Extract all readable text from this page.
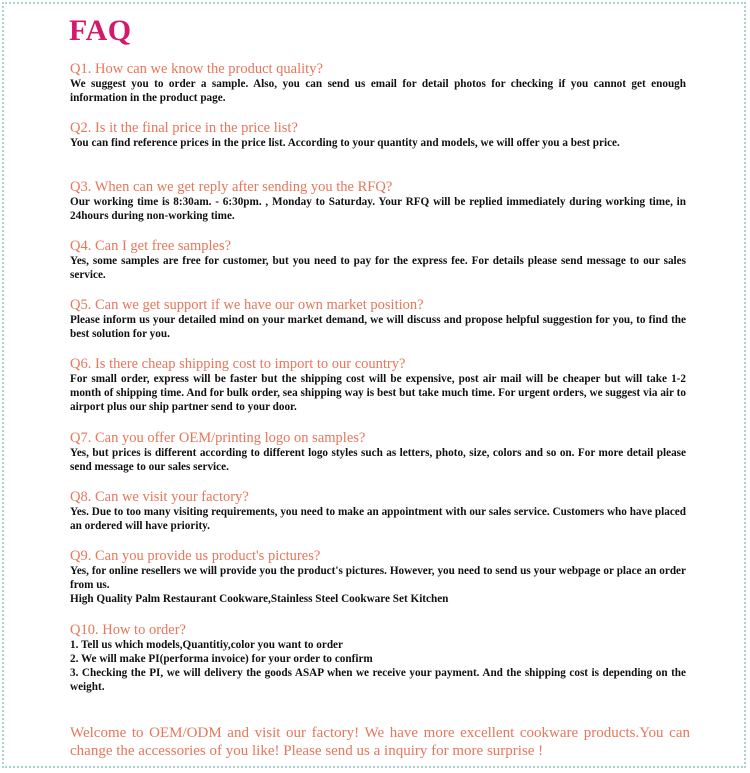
FAQ
Q1. How can we know the product quality?
We suggest you to order a sample. Also, you can send us email for detail photos for checking if you cannot get enough information in the product page.
Q2. Is it the final price in the price list?
You can find reference prices in the price list. According to your quantity and models, we will offer you a best price.
Q3. When can we get reply after sending you the RFQ?
Our working time is 8:30am. - 6:30pm. , Monday to Saturday. Your RFQ will be replied immediately during working time, in 24hours during non-working time.
Q4. Can I get free samples?
Yes, some samples are free for customer, but you need to pay for the express fee. For details please send message to our sales service.
Q5. Can we get support if we have our own market position?
Please inform us your detailed mind on your market demand, we will discuss and propose helpful suggestion for you, to find the best solution for you.
Q6. Is there cheap shipping cost to import to our country?
For small order, express will be faster but the shipping cost will be expensive, post air mail will be cheaper but will take 1-2 month of shipping time. And for bulk order, sea shipping way is best but take much time. For urgent orders, we suggest via air to airport plus our ship partner send to your door.
Q7. Can you offer OEM/printing logo on samples?
Yes, but prices is different according to different logo styles such as letters, photo, size, colors and so on. For more detail please send message to our sales service.
Q8. Can we visit your factory?
Yes. Due to too many visiting requirements, you need to make an appointment with our sales service. Customers who have placed an ordered will have priority.
Q9. Can you provide us product's pictures?
Yes, for online resellers we will provide you the product's pictures. However, you need to send us your webpage or place an order from us.
High Quality Palm Restaurant Cookware,Stainless Steel Cookware Set Kitchen
Q10. How to order?
1. Tell us which models,Quantitiy,color you want to order
2. We will make PI(performa invoice) for your order to confirm
3. Checking the PI, we will delivery the goods ASAP when we receive your payment. And the shipping cost is depending on the weight.
Welcome to OEM/ODM and visit our factory! We have more excellent cookware products.You can change the accessories of you like! Please send us a inquiry for more surprise !
